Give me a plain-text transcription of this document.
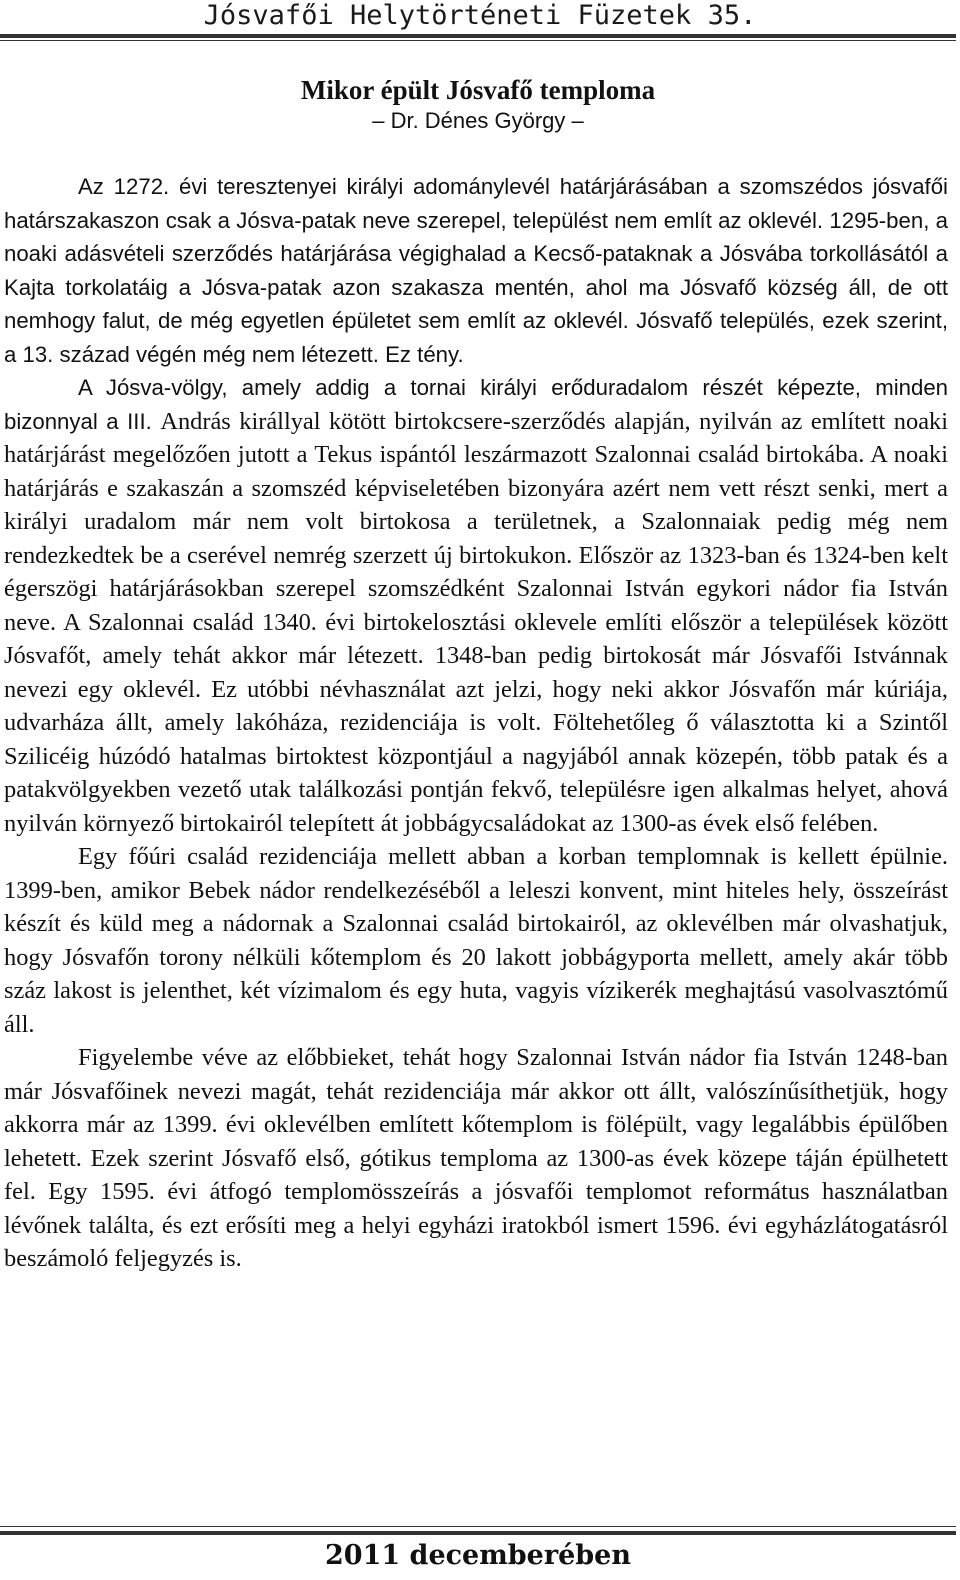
Jósvafői Helytörténeti Füzetek 35.
Mikor épült Jósvafő temploma
– Dr. Dénes György –

Az 1272. évi teresztenyei királyi adománylevél határjárásában a szomszédos jósvafői határszakaszon csak a Jósva-patak neve szerepel, települést nem említ az oklevél. 1295-ben, a noaki adásvételi szerződés határjárása végighalad a Kecső-pataknak a Jósvába torkollásától a Kajta torkolatáig a Jósva-patak azon szakasza mentén, ahol ma Jósvafő község áll, de ott nemhogy falut, de még egyetlen épületet sem említ az oklevél. Jósvafő település, ezek szerint, a 13. század végén még nem létezett. Ez tény.

A Jósva-völgy, amely addig a tornai királyi erőduradalom részét képezte, minden bizonnyal a III. András királlyal kötött birtokcsere-szerződés alapján, nyilván az említett noaki határjárást megelőzően jutott a Tekus ispántól leszármazott Szalonnai család birtokába. A noaki határjárás e szakaszán a szomszéd képviseletében bizonyára azért nem vett részt senki, mert a királyi uradalom már nem volt birtokosa a területnek, a Szalonnaiak pedig még nem rendezkedtek be a cserével nemrég szerzett új birtokukon. Először az 1323-ban és 1324-ben kelt égerszögi határjárásokban szerepel szomszédként Szalonnai István egykori nádor fia István neve. A Szalonnai család 1340. évi birtokelosztási oklevele említi először a települések között Jósvafőt, amely tehát akkor már létezett. 1348-ban pedig birtokosát már Jósvafői Istvánnak nevezi egy oklevél. Ez utóbbi névhasználat azt jelzi, hogy neki akkor Jósvafőn már kúriája, udvarháza állt, amely lakóháza, rezidenciája is volt. Föltehetőleg ő választotta ki a Szintől Szilicéig húzódó hatalmas birtoktest központjául a nagyjából annak közepén, több patak és a patakvölgyekben vezető utak találkozási pontján fekvő, településre igen alkalmas helyet, ahová nyilván környező birtokairól telepített át jobbágycsaládokat az 1300-as évek első felében.

Egy főúri család rezidenciája mellett abban a korban templomnak is kellett épülnie. 1399-ben, amikor Bebek nádor rendelkezéséből a leleszi konvent, mint hiteles hely, összeírást készít és küld meg a nádornak a Szalonnai család birtokairól, az oklevélben már olvashatjuk, hogy Jósvafőn torony nélküli kőtemplom és 20 lakott jobbágyporta mellett, amely akár több száz lakost is jelenthet, két vízimalom és egy huta, vagyis vízikerék meghajtású vasolvasztómű áll.

Figyelembe véve az előbbieket, tehát hogy Szalonnai István nádor fia István 1248-ban már Jósvafőinek nevezi magát, tehát rezidenciája már akkor ott állt, valószínűsíthetjük, hogy akkorra már az 1399. évi oklevélben említett kőtemplom is fölépült, vagy legalábbis épülőben lehetett. Ezek szerint Jósvafő első, gótikus temploma az 1300-as évek közepe táján épülhetett fel. Egy 1595. évi átfogó templomösszeírás a jósvafői templomot református használatban lévőnek találta, és ezt erősíti meg a helyi egyházi iratokból ismert 1596. évi egyházlátogatásról beszámoló feljegyzés is.

2011 decemberében
